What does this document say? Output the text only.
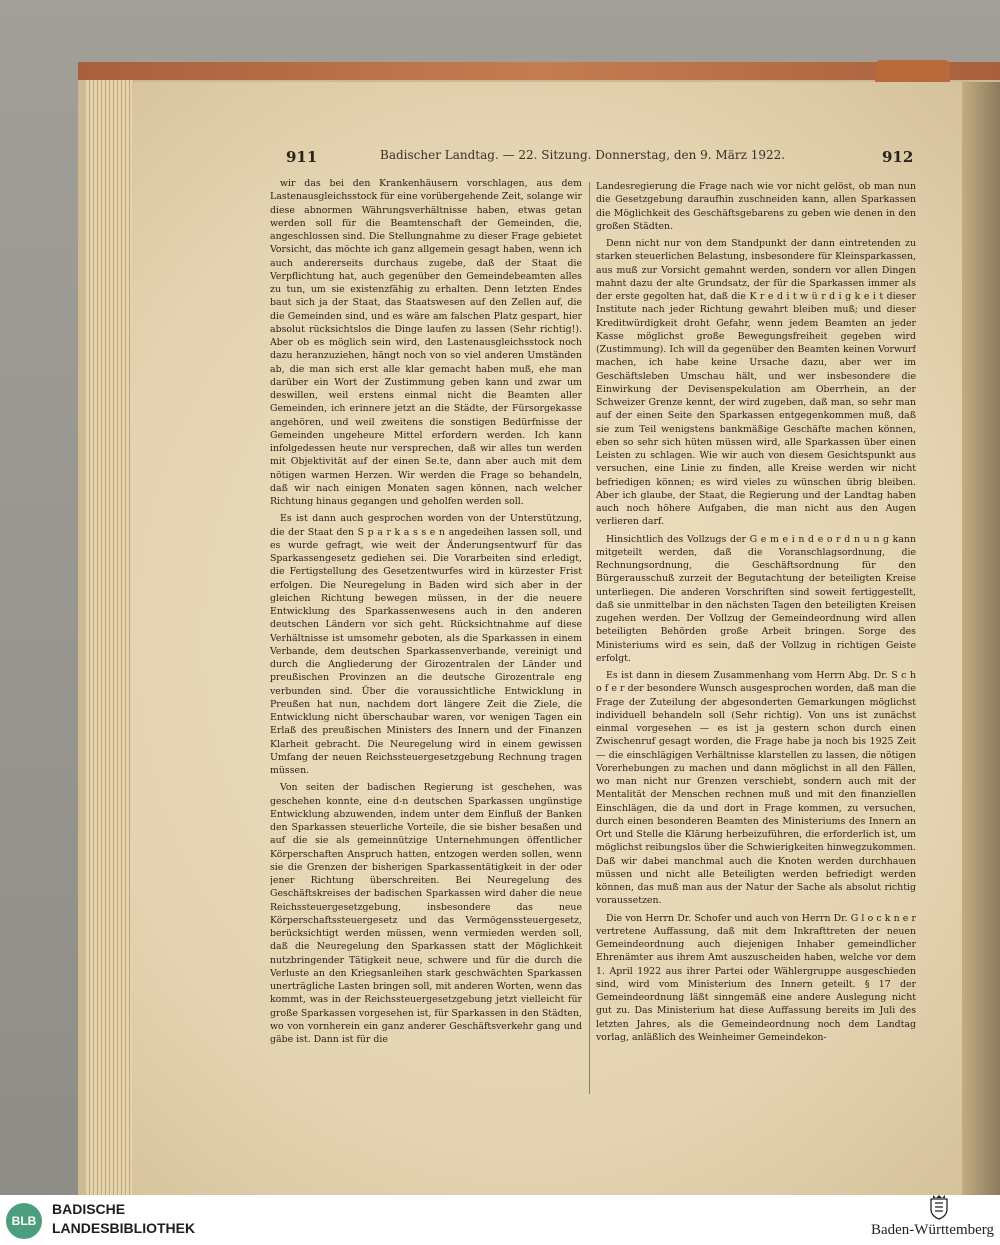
911	Badischer Landtag. — 22. Sitzung. Donnerstag, den 9. März 1922.	912

wir das bei den Krankenhäusern vorschlagen, aus dem Lastenausgleichsstock für eine vorübergehende Zeit, solange wir diese abnormen Währungsverhältnisse haben, etwas getan werden soll für die Beamtenschaft der Gemeinden, die, angeschlossen sind. Die Stellungnahme zu dieser Frage gebietet Vorsicht, das möchte ich ganz allgemein gesagt haben, wenn ich auch andererseits durchaus zugebe, daß der Staat die Verpflichtung hat, auch gegenüber den Gemeindebeamten alles zu tun, um sie existenzfähig zu erhalten. Denn letzten Endes baut sich ja der Staat, das Staatswesen auf den Zellen auf, die die Gemeinden sind, und es wäre am falschen Platz gespart, hier absolut rücksichtslos die Dinge laufen zu lassen (Sehr richtig!). Aber ob es möglich sein wird, den Lastenausgleichsstock noch dazu heranzuziehen, hängt noch von so viel anderen Umständen ab, die man sich erst alle klar gemacht haben muß, ehe man darüber ein Wort der Zustimmung geben kann und zwar um deswillen, weil erstens einmal nicht die Beamten aller Gemeinden, ich erinnere jetzt an die Städte, der Fürsorgekasse angehören, und weil zweitens die sonstigen Bedürfnisse der Gemeinden ungeheure Mittel erfordern werden. Ich kann infolgedessen heute nur versprechen, daß wir alles tun werden mit Objektivität auf der einen Se.te, dann aber auch mit dem nötigen warmen Herzen. Wir werden die Frage so behandeln, daß wir nach einigen Monaten sagen können, nach welcher Richtung hinaus gegangen und geholfen werden soll.

Es ist dann auch gesprochen worden von der Unterstützung, die der Staat den S p a r k a s s e n angedeihen lassen soll, und es wurde gefragt, wie weit der Änderungsentwurf für das Sparkassengesetz gediehen sei. Die Vorarbeiten sind erledigt, die Fertigstellung des Gesetzentwurfes wird in kürzester Frist erfolgen. Die Neuregelung in Baden wird sich aber in der gleichen Richtung bewegen müssen, in der die neuere Entwicklung des Sparkassenwesens auch in den anderen deutschen Ländern vor sich geht. Rücksichtnahme auf diese Verhältnisse ist umsomehr geboten, als die Sparkassen in einem Verbande, dem deutschen Sparkassenverbande, vereinigt und durch die Angliederung der Girozentralen der Länder und preußischen Provinzen an die deutsche Girozentrale eng verbunden sind. Über die voraussichtliche Entwicklung in Preußen hat nun, nachdem dort längere Zeit die Ziele, die Entwicklung nicht überschaubar waren, vor wenigen Tagen ein Erlaß des preußischen Ministers des Innern und der Finanzen Klarheit gebracht. Die Neuregelung wird in einem gewissen Umfang der neuen Reichssteuergesetzgebung Rechnung tragen müssen.

Von seiten der badischen Regierung ist geschehen, was geschehen konnte, eine d-n deutschen Sparkassen ungünstige Entwicklung abzuwenden, indem unter dem Einfluß der Banken den Sparkassen steuerliche Vorteile, die sie bisher besaßen und auf die sie als gemeinnützige Unternehmungen öffentlicher Körperschaften Anspruch hatten, entzogen werden sollen, wenn sie die Grenzen der bisherigen Sparkassentätigkeit in der oder jener Richtung überschreiten. Bei Neuregelung des Geschäftskreises der badischen Sparkassen wird daher die neue Reichssteuergesetzgebung, insbesondere das neue Körperschaftssteuergesetz und das Vermögenssteuergesetz, berücksichtigt werden müssen, wenn vermieden werden soll, daß die Neuregelung den Sparkassen statt der Möglichkeit nutzbringender Tätigkeit neue, schwere und für die durch die Verluste an den Kriegsanleihen stark geschwächten Sparkassen unerträgliche Lasten bringen soll, mit anderen Worten, wenn das kommt, was in der Reichssteuergesetzgebung jetzt vielleicht für große Sparkassen vorgesehen ist, für Sparkassen in den Städten, wo von vornherein ein ganz anderer Geschäftsverkehr gang und gäbe ist. Dann ist für die

Landesregierung die Frage nach wie vor nicht gelöst, ob man nun die Gesetzgebung daraufhin zuschneiden kann, allen Sparkassen die Möglichkeit des Geschäftsgebarens zu geben wie denen in den großen Städten.

Denn nicht nur von dem Standpunkt der dann eintretenden zu starken steuerlichen Belastung, insbesondere für Kleinsparkassen, aus muß zur Vorsicht gemahnt werden, sondern vor allen Dingen mahnt dazu der alte Grundsatz, der für die Sparkassen immer als der erste gegolten hat, daß die K r e d i t w ü r d i g k e i t dieser Institute nach jeder Richtung gewahrt bleiben muß; und dieser Kreditwürdigkeit droht Gefahr, wenn jedem Beamten an jeder Kasse möglichst große Bewegungsfreiheit gegeben wird (Zustimmung). Ich will da gegenüber den Beamten keinen Vorwurf machen, ich habe keine Ursache dazu, aber wer im Geschäftsleben Umschau hält, und wer insbesondere die Einwirkung der Devisenspekulation am Oberrhein, an der Schweizer Grenze kennt, der wird zugeben, daß man, so sehr man auf der einen Seite den Sparkassen entgegenkommen muß, daß sie zum Teil wenigstens bankmäßige Geschäfte machen können, eben so sehr sich hüten müssen wird, alle Sparkassen über einen Leisten zu schlagen. Wie wir auch von diesem Gesichtspunkt aus versuchen, eine Linie zu finden, alle Kreise werden wir nicht befriedigen können; es wird vieles zu wünschen übrig bleiben. Aber ich glaube, der Staat, die Regierung und der Landtag haben auch noch höhere Aufgaben, die man nicht aus den Augen verlieren darf.

Hinsichtlich des Vollzugs der G e m e i n d e o r d n u n g kann mitgeteilt werden, daß die Voranschlagsordnung, die Rechnungsordnung, die Geschäftsordnung für den Bürgerausschuß zurzeit der Begutachtung der beteiligten Kreise unterliegen. Die anderen Vorschriften sind soweit fertiggestellt, daß sie unmittelbar in den nächsten Tagen den beteiligten Kreisen zugehen werden. Der Vollzug der Gemeindeordnung wird allen beteiligten Behörden große Arbeit bringen. Sorge des Ministeriums wird es sein, daß der Vollzug in richtigen Geiste erfolgt.

Es ist dann in diesem Zusammenhang vom Herrn Abg. Dr. S c h o f e r der besondere Wunsch ausgesprochen worden, daß man die Frage der Zuteilung der abgesonderten Gemarkungen möglichst individuell behandeln soll (Sehr richtig). Von uns ist zunächst einmal vorgesehen — es ist ja gestern schon durch einen Zwischenruf gesagt worden, die Frage habe ja noch bis 1925 Zeit — die einschlägigen Verhältnisse klarstellen zu lassen, die nötigen Vorerhebungen zu machen und dann möglichst in all den Fällen, wo man nicht nur Grenzen verschiebt, sondern auch mit der Mentalität der Menschen rechnen muß und mit den finanziellen Einschlägen, die da und dort in Frage kommen, zu versuchen, durch einen besonderen Beamten des Ministeriums des Innern an Ort und Stelle die Klärung herbeizuführen, die erforderlich ist, um möglichst reibungslos über die Schwierigkeiten hinwegzukommen. Daß wir dabei manchmal auch die Knoten werden durchhauen müssen und nicht alle Beteiligten werden befriedigt werden können, das muß man aus der Natur der Sache als absolut richtig voraussetzen.

Die von Herrn Dr. Schofer und auch von Herrn Dr. G l o c k n e r vertretene Auffassung, daß mit dem Inkrafttreten der neuen Gemeindeordnung auch diejenigen Inhaber gemeindlicher Ehrenämter aus ihrem Amt auszuscheiden haben, welche vor dem 1. April 1922 aus ihrer Partei oder Wählergruppe ausgeschieden sind, wird vom Ministerium des Innern geteilt. § 17 der Gemeindeordnung läßt sinngemäß eine andere Auslegung nicht gut zu. Das Ministerium hat diese Auffassung bereits im Juli des letzten Jahres, als die Gemeindeordnung noch dem Landtag vorlag, anläßlich des Weinheimer Gemeindekon-

BLB
BADISCHE
LANDESBIBLIOTHEK	Baden-Württemberg
